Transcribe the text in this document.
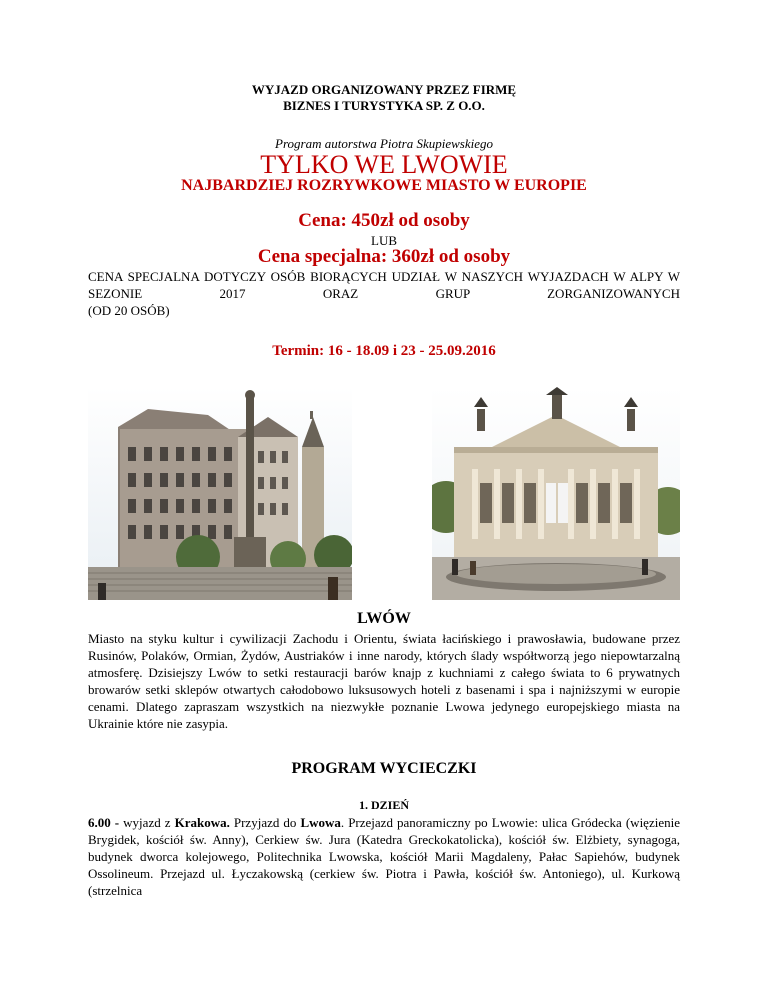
WYJAZD ORGANIZOWANY PRZEZ FIRMĘ
BIZNES I TURYSTYKA SP. Z O.O.
Program autorstwa Piotra Skupiewskiego
TYLKO WE LWOWIE
NAJBARDZIEJ ROZRYWKOWE MIASTO W EUROPIE
Cena: 450zł od osoby
LUB
Cena specjalna: 360zł od osoby
CENA SPECJALNA DOTYCZY OSÓB BIORĄCYCH UDZIAŁ W NASZYCH WYJAZDACH W ALPY W SEZONIE 2017 ORAZ GRUP ZORGANIZOWANYCH
(OD 20 OSÓB)
Termin: 16 - 18.09 i 23 - 25.09.2016
LWÓW
Miasto na styku kultur i cywilizacji Zachodu i Orientu, świata łacińskiego i prawosławia, budowane przez Rusinów, Polaków, Ormian, Żydów, Austriaków i inne narody, których ślady współtworzą jego niepowtarzalną atmosferę. Dzisiejszy Lwów to setki restauracji barów knajp z kuchniami z całego świata to 6 prywatnych browarów setki sklepów otwartych całodobowo luksusowych hoteli z basenami i spa i najniższymi w europie cenami. Dlatego zapraszam wszystkich na niezwykłe poznanie Lwowa jedynego europejskiego miasta na Ukrainie które nie zasypia.
PROGRAM WYCIECZKI
1. DZIEŃ
6.00 - wyjazd z Krakowa. Przyjazd do Lwowa. Przejazd panoramiczny po Lwowie: ulica Gródecka (więzienie Brygidek, kościół św. Anny), Cerkiew św. Jura (Katedra Greckokatolicka), kościół św. Elżbiety, synagoga, budynek dworca kolejowego, Politechnika Lwowska, kościół Marii Magdaleny, Pałac Sapiehów, budynek Ossolineum. Przejazd ul. Łyczakowską (cerkiew św. Piotra i Pawła, kościół św. Antoniego), ul. Kurkową (strzelnica
